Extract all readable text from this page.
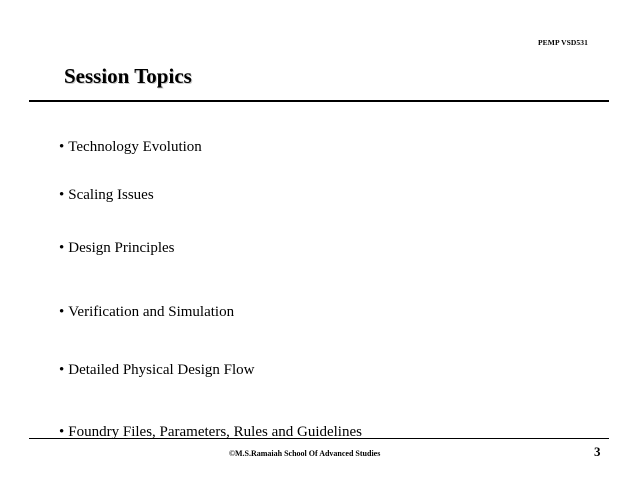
PEMP VSD531
Session Topics
• Technology Evolution
• Scaling Issues
• Design Principles
• Verification and Simulation
• Detailed Physical Design Flow
• Foundry Files, Parameters, Rules and Guidelines
©M.S.Ramaiah School Of Advanced Studies	3
